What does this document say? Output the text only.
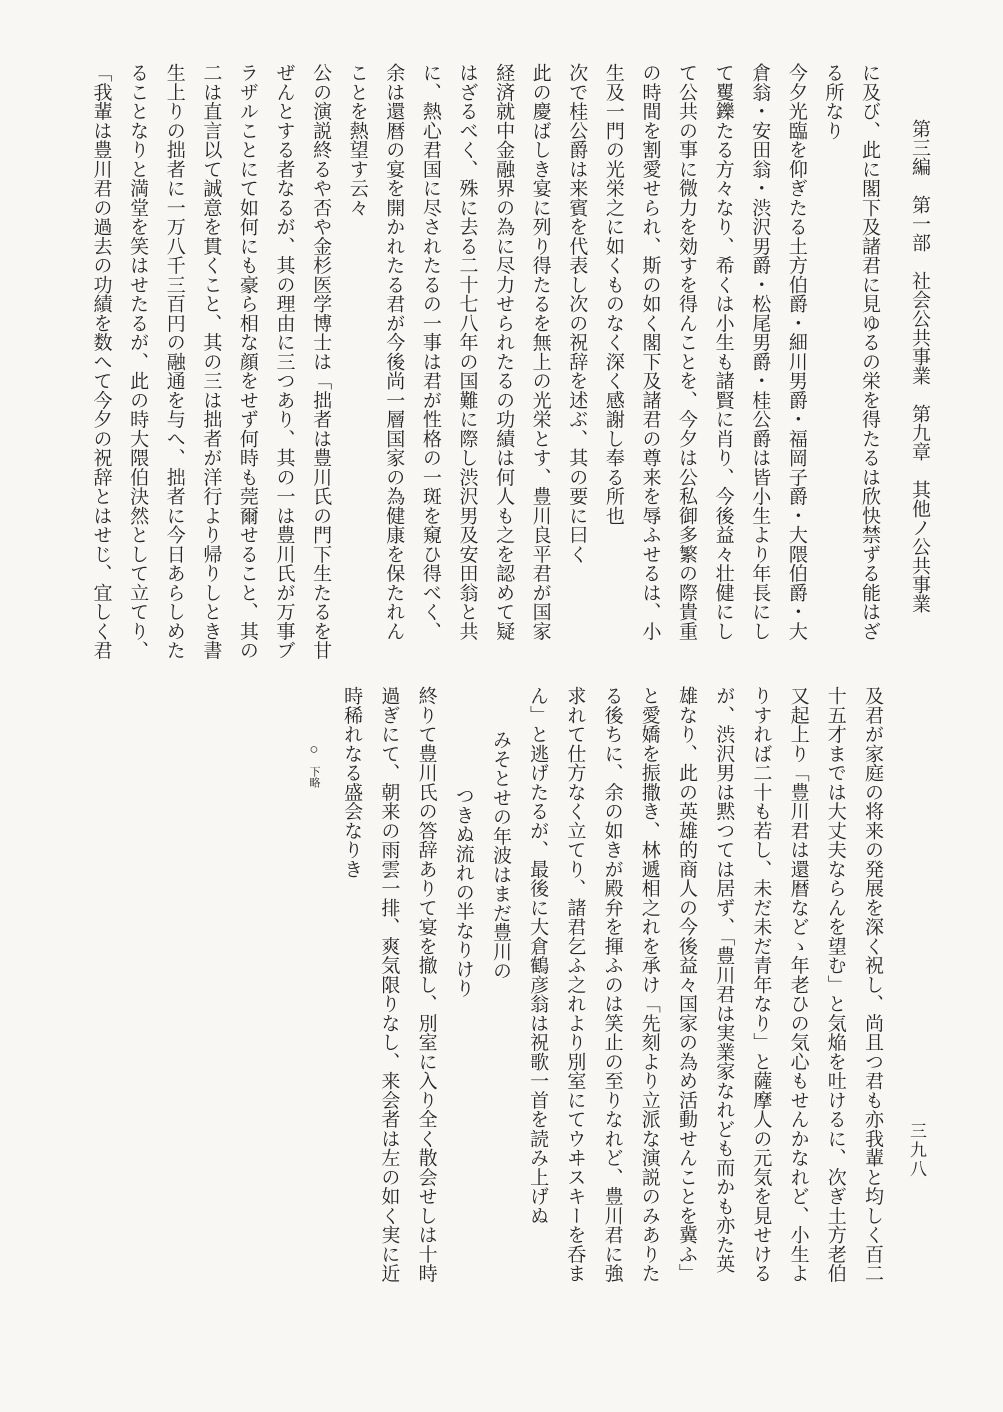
第三編　第一部　社会公共事業　第九章　其他ノ公共事業
に及び、此に閣下及諸君に見ゆるの栄を得たるは欣快禁ずる能はざ
る所なり
今夕光臨を仰ぎたる土方伯爵・細川男爵・福岡子爵・大隈伯爵・大
倉翁・安田翁・渋沢男爵・松尾男爵・桂公爵は皆小生より年長にし
て矍鑠たる方々なり、希くは小生も諸賢に肖り、今後益々壮健にし
て公共の事に微力を効すを得んことを、今夕は公私御多繁の際貴重
の時間を割愛せられ、斯の如く閣下及諸君の尊来を辱ふせるは、小
生及一門の光栄之に如くものなく深く感謝し奉る所也
次で桂公爵は来賓を代表し次の祝辞を述ぶ、其の要に曰く
此の慶ばしき宴に列り得たるを無上の光栄とす、豊川良平君が国家
経済就中金融界の為に尽力せられたるの功績は何人も之を認めて疑
はざるべく、殊に去る二十七八年の国難に際し渋沢男及安田翁と共
に、熱心君国に尽されたるの一事は君が性格の一斑を窺ひ得べく、
余は還暦の宴を開かれたる君が今後尚一層国家の為健康を保たれん
ことを熱望す云々
公の演説終るや否や金杉医学博士は「拙者は豊川氏の門下生たるを甘
ぜんとする者なるが、其の理由に三つあり、其の一は豊川氏が万事ブ
ラザルことにて如何にも豪ら相な顔をせず何時も莞爾せること、其の
二は直言以て誠意を貫くこと、其の三は拙者が洋行より帰りしとき書
生上りの拙者に一万八千三百円の融通を与へ、拙者に今日あらしめた
ることなりと満堂を笑はせたるが、此の時大隈伯決然として立てり、
「我輩は豊川君の過去の功績を数へて今夕の祝辞とはせじ、宜しく君
及君が家庭の将来の発展を深く祝し、尚且つ君も亦我輩と均しく百二
十五才までは大丈夫ならんを望む」と気焔を吐けるに、次ぎ土方老伯
又起上り「豊川君は還暦などゝ年老ひの気心もせんかなれど、小生よ
りすれば二十も若し、未だ未だ青年なり」と薩摩人の元気を見せける
が、渋沢男は黙つては居ず、「豊川君は実業家なれども而かも亦た英
雄なり、此の英雄的商人の今後益々国家の為め活動せんことを冀ふ」
と愛嬌を振撒き、林遞相之れを承け「先刻より立派な演説のみありた
る後ちに、余の如きが殿弁を揮ふのは笑止の至りなれど、豊川君に強
求れて仕方なく立てり、諸君乞ふ之れより別室にてウヰスキーを呑ま
ん」と逃げたるが、最後に大倉鶴彦翁は祝歌一首を読み上げぬ
みそとせの年波はまだ豊川の
つきぬ流れの半なりけり
終りて豊川氏の答辞ありて宴を撤し、別室に入り全く散会せしは十時
過ぎにて、朝来の雨雲一排、爽気限りなし、来会者は左の如く実に近
時稀れなる盛会なりき
○ 下略
三九八
